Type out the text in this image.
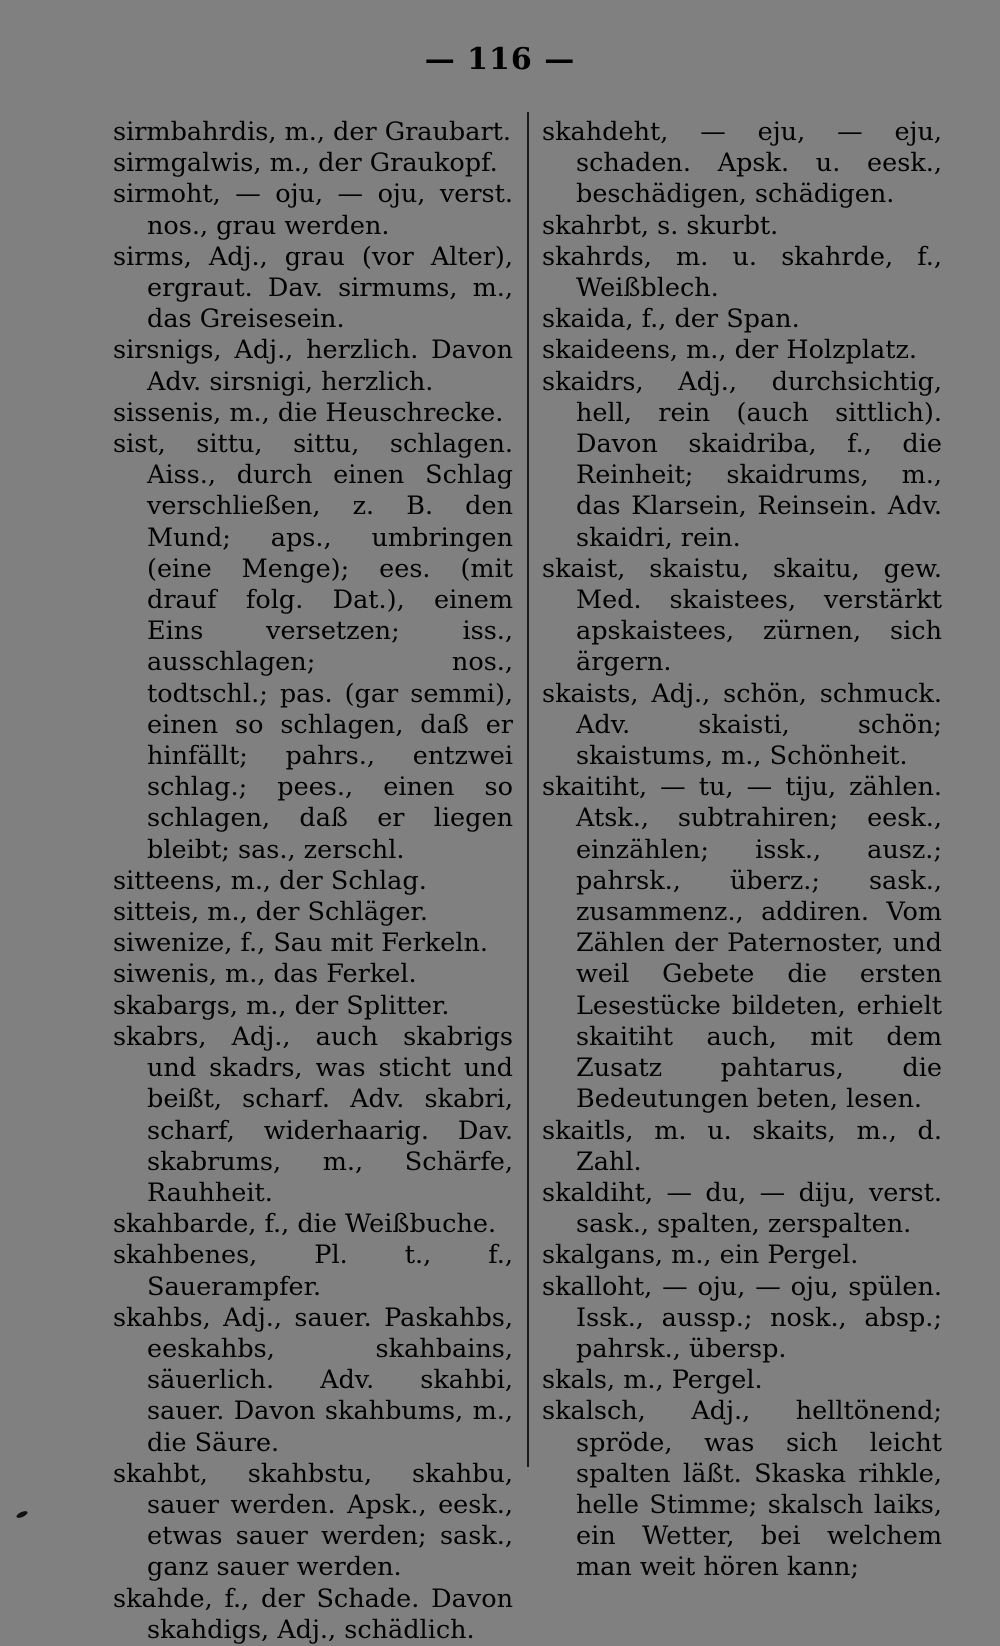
— 116 —

sirmbahrdis, m., der Graubart.

sirmgalwis, m., der Graukopf.

sirmoht, — oju, — oju, verst. nos., grau werden.

sirms, Adj., grau (vor Alter), ergraut. Dav. sirmums, m., das Greisesein.

sirsnigs, Adj., herzlich. Davon Adv. sirsnigi, herzlich.

sissenis, m., die Heuschrecke.

sist, sittu, sittu, schlagen. Aiss., durch einen Schlag verschließen, z. B. den Mund; aps., umbringen (eine Menge); ees. (mit drauf folg. Dat.), einem Eins versetzen; iss., ausschlagen; nos., todtschl.; pas. (gar semmi), einen so schlagen, daß er hinfällt; pahrs., entzwei schlag.; pees., einen so schlagen, daß er liegen bleibt; sas., zerschl.

sitteens, m., der Schlag.

sitteis, m., der Schläger.

siwenize, f., Sau mit Ferkeln.

siwenis, m., das Ferkel.

skabargs, m., der Splitter.

skabrs, Adj., auch skabrigs und skadrs, was sticht und beißt, scharf. Adv. skabri, scharf, widerhaarig. Dav. skabrums, m., Schärfe, Rauhheit.

skahbarde, f., die Weißbuche.

skahbenes, Pl. t., f., Sauerampfer.

skahbs, Adj., sauer. Paskahbs, eeskahbs, skahbains, säuerlich. Adv. skahbi, sauer. Davon skahbums, m., die Säure.

skahbt, skahbstu, skahbu, sauer werden. Apsk., eesk., etwas sauer werden; sask., ganz sauer werden.

skahde, f., der Schade. Davon skahdigs, Adj., schädlich.

skahdeht, — eju, — eju, schaden. Apsk. u. eesk., beschädigen, schädigen.

skahrbt, s. skurbt.

skahrds, m. u. skahrde, f., Weißblech.

skaida, f., der Span.

skaideens, m., der Holzplatz.

skaidrs, Adj., durchsichtig, hell, rein (auch sittlich). Davon skaidriba, f., die Reinheit; skaidrums, m., das Klarsein, Reinsein. Adv. skaidri, rein.

skaist, skaistu, skaitu, gew. Med. skaistees, verstärkt apskaistees, zürnen, sich ärgern.

skaists, Adj., schön, schmuck. Adv. skaisti, schön; skaistums, m., Schönheit.

skaitiht, — tu, — tiju, zählen. Atsk., subtrahiren; eesk., einzählen; issk., ausz.; pahrsk., überz.; sask., zusammenz., addiren. Vom Zählen der Paternoster, und weil Gebete die ersten Lesestücke bildeten, erhielt skaitiht auch, mit dem Zusatz pahtarus, die Bedeutungen beten, lesen.

skaitls, m. u. skaits, m., d. Zahl.

skaldiht, — du, — diju, verst. sask., spalten, zerspalten.

skalgans, m., ein Pergel.

skalloht, — oju, — oju, spülen. Issk., aussp.; nosk., absp.; pahrsk., übersp.

skals, m., Pergel.

skalsch, Adj., helltönend; spröde, was sich leicht spalten läßt. Skaska rihkle, helle Stimme; skalsch laiks, ein Wetter, bei welchem man weit hören kann;
